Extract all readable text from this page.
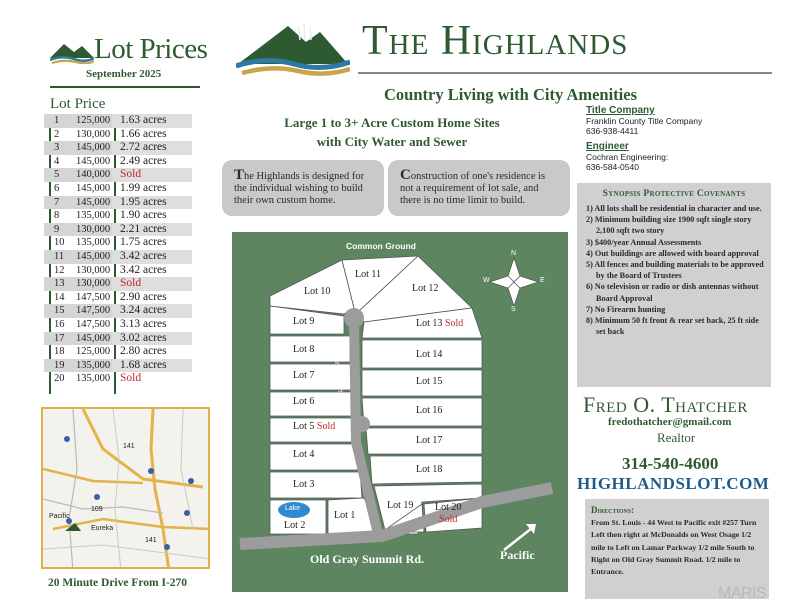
Lot Prices
September 2025
Lot Price
1	125,000 1.63 acres
2	130,000 1.66 acres
3	145,000 2.72 acres
4	145,000 2.49 acres
5	140,000 Sold
6	145,000 1.99 acres
7	145,000 1.95 acres
8	135,000 1.90 acres
9	130,000 2.21 acres
10	135,000 1.75 acres
11	145,000 3.42 acres
12	130,000 3.42 acres
13	130,000 Sold
14	147,500 2.90 acres
15	147,500 3.24 acres
16	147,500 3.13 acres
17	145,000 3.02 acres
18	125,000 2.80 acres
19	135,000 1.68 acres
20	135,000 Sold
141
109
Pacific
Eureka
141
20 Minute Drive From I-270
The Highlands
Country Living with City Amenities
Large 1 to 3+ Acre Custom Home Sites
with City Water and Sewer
The Highlands is designed for the individual wishing to build their own custom home.
Construction of one's residence is not a requirement of lot sale, and there is no time limit to build.
Title Company
Franklin County Title Company
636-938-4411
Engineer
Cochran Engineering:
636-584-0540
Synopsis Protective Covenants
1) All lots shall be residential in character and use.
2) Minimum building size 1900 sqft single story 2,100 sqft two story
3) $400/year Annual Assessments
4) Out buildings are allowed with board approval
5) All fences and building materials to be approved by the Board of Trustees
6) No television or radio or dish antennas without Board Approval
7) No Firearm hunting
8) Minimum 50 ft front & rear set back, 25 ft side set back
Fred O. Thatcher
fredothatcher@gmail.com
Realtor
314-540-4600
HIGHLANDSLOT.COM
Directions:
From St. Louis - 44 West to Pacific exit #257 Turn Left then right at McDonalds on West Osage 1/2 mile to Left on Lamar Parkway 1/2 mile South to Right on Old Gray Summit Road. 1/2 mile to Entrance.
MARIS
Common Ground
Highlands Court
Old Gray Summit Rd.	Pacific
N
S
E
W
Lake
Lot 1
Lot 2
Lot 3
Lot 4
Lot 5 Sold
Lot 6
Lot 7
Lot 8
Lot 9
Lot 10
Lot 11
Lot 12
Lot 13 Sold
Lot 14
Lot 15
Lot 16
Lot 17
Lot 18
Lot 19 Lot 20
Sold
